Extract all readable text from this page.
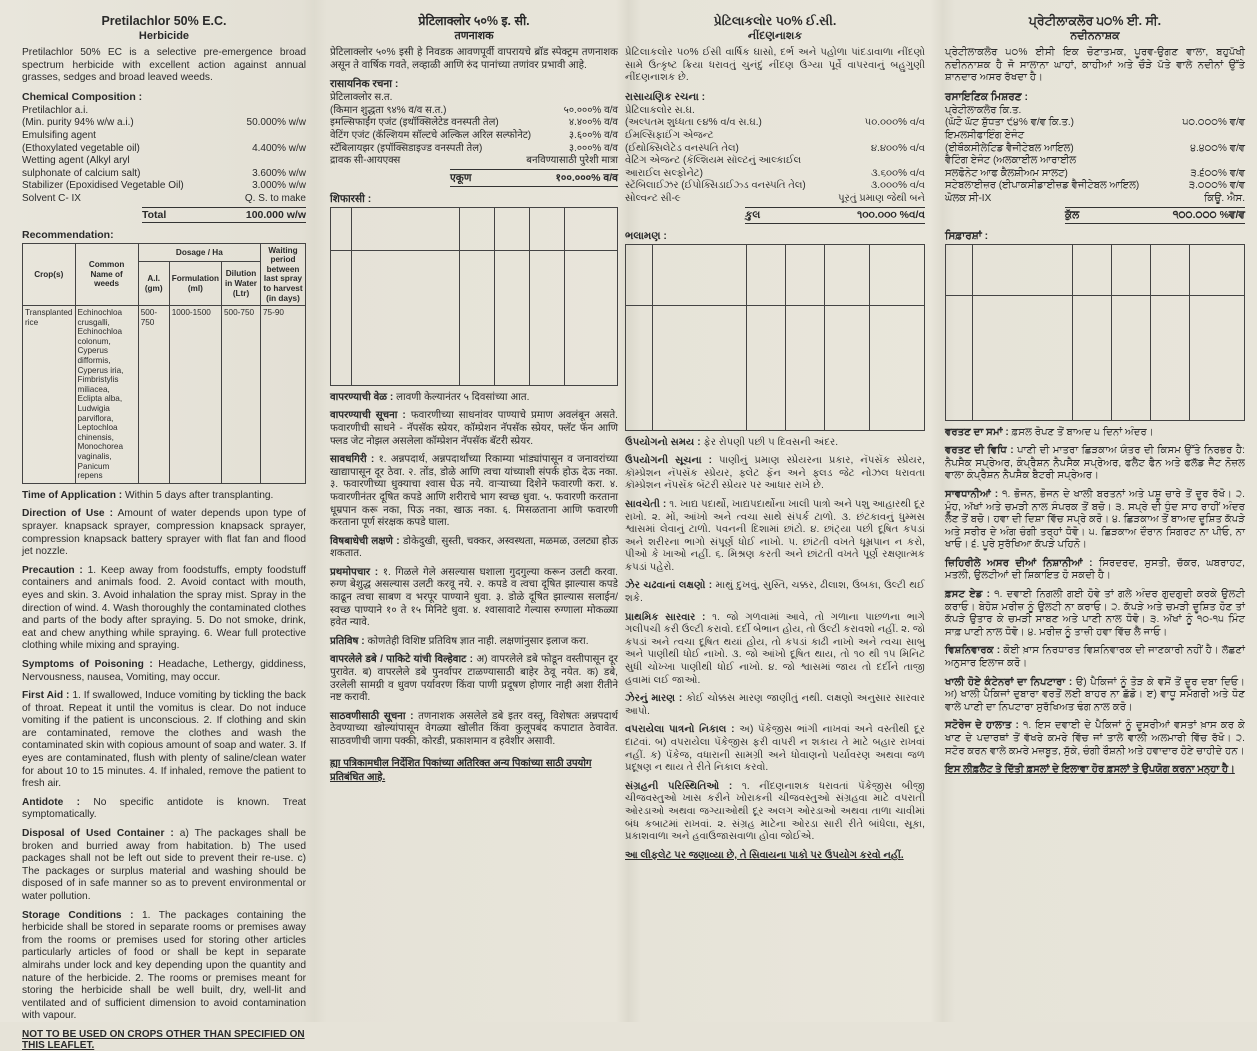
Pretilachlor 50% E.C.
Herbicide

Pretilachlor 50% EC is a selective pre-emergence broad spectrum herbicide with excellent action against annual grasses, sedges and broad leaved weeds.

Chemical Composition :
Pretilachlor a.i.
(Min. purity 94% w/w a.i.)	50.000% w/w
Emulsifing agent
(Ethoxylated vegetable oil)	4.400% w/w
Wetting agent (Alkyl aryl
sulphonate of calcium salt)	3.600% w/w
Stabilizer (Epoxidised Vegetable Oil)	3.000% w/w
Solvent C- IX	Q. S. to make
Total	100.000 w/w
Recommendation:
Crop(s)	Common Name of weeds	Dosage / Ha			Waiting period between last spray to harvest (in days)
		A.I. (gm)	Formulation (ml)	Dilution in Water (Ltr)	
Transplanted rice	Echinochloa crusgalli, Echinochloa colonum, Cyperus difformis, Cyperus iria, Fimbristylis miliacea, Eclipta alba, Ludwigia parviflora, Leptochloa chinensis, Monochorea vaginalis, Panicum repens	500-750	1000-1500	500-750	75-90

Time of Application : Within 5 days after transplanting.

Direction of Use : Amount of water depends upon type of sprayer. knapsack sprayer, compression knapsack sprayer, compression knapsack battery sprayer with flat fan and flood jet nozzle.

Precaution : 1. Keep away from foodstuffs, empty foodstuff containers and animals food. 2. Avoid contact with mouth, eyes and skin. 3. Avoid inhalation the spray mist. Spray in the direction of wind. 4. Wash thoroughly the contaminated clothes and parts of the body after spraying. 5. Do not smoke, drink, eat and chew anything while spraying. 6. Wear full protective clothing while mixing and spraying.

Symptoms of Poisoning : Headache, Lethergy, giddiness, Nervousness, nausea, Vomiting, may occur.

First Aid : 1. If swallowed, Induce vomiting by tickling the back of throat. Repeat it until the vomitus is clear. Do not induce vomiting if the patient is unconscious. 2. If clothing and skin are contaminated, remove the clothes and wash the contaminated skin with copious amount of soap and water. 3. If eyes are contaminated, flush with plenty of saline/clean water for about 10 to 15 minutes. 4. If inhaled, remove the patient to fresh air.

Antidote : No specific antidote is known. Treat symptomatically.

Disposal of Used Container : a) The packages shall be broken and burried away from habitation. b) The used packages shall not be left out side to prevent their re-use. c) The packages or surplus material and washing should be disposed of in safe manner so as to prevent environmental or water pollution.

Storage Conditions : 1. The packages containing the herbicide shall be stored in separate rooms or premises away from the rooms or premises used for storing other articles particularly articles of food or shall be kept in separate almirahs under lock and key depending upon the quantity and nature of the herbicide. 2. The rooms or premises meant for storing the herbicide shall be well built, dry, well-lit and ventilated and of sufficient dimension to avoid contamination with vapour.

NOT TO BE USED ON CROPS OTHER THAN SPECIFIED ON THIS LEAFLET.
प्रेटिलाक्लोर ५०% इ. सी.
तणनाशक

प्रेटिलाक्लोर ५०% इसी हे निवडक आवणपूर्वी वापरायचे ब्रॉड स्पेक्ट्रम तणनाशक असून ते वार्षिक गवते, लव्हाळी आणि रुंद पानांच्या तणांवर प्रभावी आहे.

रासायनिक रचना :
प्रेटिलाक्लोर स.त.
(किमान शुद्धता ९४% व/व स.त.)	५०.०००% व/व
इमल्सिफाईंग एजंट (इथॉक्सिलेटेड वनस्पती तेल)	४.४००% व/व
वेटिंग एजंट (कॅल्शियम सॉल्टचे अल्किल अरिल सल्फोनेट)	३.६००% व/व
स्टॅबिलायझर (इपॉक्सिडाइज्ड वनस्पती तेल)	३.०००% व/व
द्रावक सी-आयएक्स	बनविण्यासाठी पुरेशी मात्रा
एकूण	१००.०००% व/व
शिफारसी :

वापरण्याची वेळ : लावणी केल्यानंतर ५ दिवसांच्या आत.

वापरण्याची सूचना : फवारणीच्या साधनांवर पाण्याचे प्रमाण अवलंबून असते. फवारणीची साधने - नॅपसॅक स्प्रेयर, कॉम्प्रेशन नॅपसॅक स्प्रेयर, फ्लॅट फॅन आणि फ्लड जेट नोझल असलेला कॉम्प्रेशन नॅपसॅक बॅटरी स्प्रेयर.

सावधगिरी : १. अन्नपदार्थ, अन्नपदार्थांच्या रिकाम्या भांड्यांपासून व जनावरांच्या खाद्यापासून दूर ठेवा. २. तोंड, डोळे आणि त्वचा यांच्याशी संपर्क होऊ देऊ नका. ३. फवारणीच्या धुक्याचा श्वास घेऊ नये. वाऱ्याच्या दिशेने फवारणी करा. ४. फवारणीनंतर दूषित कपडे आणि शरीराचे भाग स्वच्छ धुवा. ५. फवारणी करताना धूम्रपान करू नका, पिऊ नका, खाऊ नका. ६. मिसळताना आणि फवारणी करताना पूर्ण संरक्षक कपडे घाला.

विषबाधेची लक्षणे : डोकेदुखी, सुस्ती, चक्कर, अस्वस्थता, मळमळ, उलट्या होऊ शकतात.

प्रथमोपचार : १. गिळले गेले असल्यास घशाला गुदगुल्या करून उलटी करवा. रुग्ण बेशुद्ध असल्यास उलटी करवू नये. २. कपडे व त्वचा दूषित झाल्यास कपडे काढून त्वचा साबण व भरपूर पाण्याने धुवा. ३. डोळे दूषित झाल्यास सलाईन/स्वच्छ पाण्याने १० ते १५ मिनिटे धुवा. ४. श्वासावाटे गेल्यास रुग्णाला मोकळ्या हवेत न्यावे.

प्रतिविष : कोणतेही विशिष्ट प्रतिविष ज्ञात नाही. लक्षणांनुसार इलाज करा.

वापरलेले डबे / पाकिटे यांची विल्हेवाट : अ) वापरलेले डबे फोडून वस्तीपासून दूर पुरावेत. ब) वापरलेले डबे पुनर्वापर टाळण्यासाठी बाहेर ठेवू नयेत. क) डबे, उरलेली सामग्री व धुवण पर्यावरण किंवा पाणी प्रदूषण होणार नाही अशा रीतीने नष्ट करावी.

साठवणीसाठी सूचना : तणनाशक असलेले डबे इतर वस्तू, विशेषतः अन्नपदार्थ ठेवण्याच्या खोल्यांपासून वेगळ्या खोलीत किंवा कुलूपबंद कपाटात ठेवावेत. साठवणीची जागा पक्की, कोरडी, प्रकाशमान व हवेशीर असावी.

ह्या पत्रिकामधील निर्देशित पिकांच्या अतिरिक्त अन्य पिकांच्या साठी उपयोग प्रतिबंधित आहे.
પ્રેટિલાકલોર ૫૦% ઈ.સી.
નીંદણનાશક

પ્રેટિલાકલોર ૫૦% ઈસી વાર્ષિક ઘાસો, દર્ભ અને પહોળા પાંદડાવાળા નીંદણો સામે ઉત્કૃષ્ટ ક્રિયા ધરાવતું ચુનંદું નીંદણ ઉગ્યા પૂર્વે વાપરવાનું બહુગુણી નીંદણનાશક છે.

રાસાયણિક રચના :
પ્રેટિલાકલોર સ.ઘ.
(અલ્પતમ શુધ્ધતા ૯૪% વ/વ સ.ઘ.)	૫૦.૦૦૦% વ/વ
ઈમલ્સિફાઈંગ એજન્ટ
(ઈથોક્સિલેટેડ વનસ્પતિ તેલ)	૪.૪૦૦% વ/વ
વેટિંગ એજન્ટ (કૅલ્શિયમ સૉલ્ટનું આલ્કાઈલ
આરાઈલ સલ્ફોનેટ)	૩.૬૦૦% વ/વ
સ્ટૅબિલાઈઝર (ઈપોક્સિડાઈઝ્ડ વનસ્પતિ તેલ)	૩.૦૦૦% વ/વ
સોલ્વન્ટ સી-૯	પૂરતું પ્રમાણ જેથી બને
કુલ	૧૦૦.૦૦૦ %વ/વ
ભલામણ :

ઉપયોગનો સમય : ફેર રોપણી પછી ૫ દિવસની અંદર.

ઉપયોગની સૂચના : પાણીનું પ્રમાણ સ્પ્રેયરના પ્રકાર, નૅપસૅક સ્પ્રેયર, કૉમ્પ્રેશન નૅપસૅક સ્પ્રેયર, ફ્લેટ ફૅન અને ફ્લડ જેટ નોઝલ ધરાવતા કૉમ્પ્રેશન નૅપસૅક બૅટરી સ્પ્રેયર પર આધાર રાખે છે.

સાવચેતી : ૧. ખાદ્ય પદાર્થો, ખાદ્યપદાર્થોના ખાલી પાત્રો અને પશુ આહારથી દૂર રાખો. ૨. મોં, આંખો અને ત્વચા સાથે સંપર્ક ટાળો. ૩. છંટકાવનું ધુમ્મસ શ્વાસમાં લેવાનું ટાળો. પવનની દિશામાં છાંટો. ૪. છાંટ્યા પછી દૂષિત કપડાં અને શરીરના ભાગો સંપૂર્ણ ધોઈ નાખો. ૫. છાંટતી વખતે ધૂમ્રપાન ન કરો, પીઓ કે ખાઓ નહીં. ૬. મિશ્રણ કરતી અને છાંટતી વખતે પૂર્ણ રક્ષણાત્મક કપડાં પહેરો.

ઝેર ચઢવાનાં લક્ષણો : માથું દુખવું, સુસ્તિ, ચક્કર, ઢીલાશ, ઉબકા, ઉલ્ટી થઈ શકે.

પ્રાથમિક સારવાર : ૧. જો ગળવામાં આવે, તો ગળાના પાછળના ભાગે ગલીપચી કરી ઉલ્ટી કરાવો. દર્દી બેભાન હોય, તો ઉલ્ટી કરાવશો નહીં. ૨. જો કપડાં અને ત્વચા દૂષિત થયાં હોય, તો કપડાં કાઢી નાખો અને ત્વચા સાબુ અને પાણીથી ધોઈ નાખો. ૩. જો આંખો દૂષિત થાય, તો ૧૦ થી ૧૫ મિનિટ સુધી ચોખ્ખા પાણીથી ધોઈ નાખો. ૪. જો શ્વાસમાં જાય તો દર્દીને તાજી હવામાં લઈ જાઓ.

ઝેરનું મારણ : કોઈ ચોક્કસ મારણ જાણીતું નથી. લક્ષણો અનુસાર સારવાર આપો.

વપરાયેલા પાત્રનો નિકાલ : અ) પૅકેજીસ ભાંગી નાખવાં અને વસ્તીથી દૂર દાટવાં. બ) વપરાયેલા પૅકેજીસ ફરી વાપરી ન શકાય તે માટે બહાર રાખવાં નહીં. ક) પૅકેજ, વધારાની સામગ્રી અને ધોવાણનો પર્યાવરણ અથવા જળ પ્રદૂષણ ન થાય તે રીતે નિકાલ કરવો.

સંગ્રહની પરિસ્થિતિઓ : ૧. નીંદણનાશક ધરાવતાં પૅકેજીસ બીજી ચીજવસ્તુઓ ખાસ કરીને ખોરાકની ચીજવસ્તુઓ સંગ્રહવા માટે વપરાતી ઓરડાઓ અથવા જગ્યાઓથી દૂર અલગ ઓરડાઓ અથવા તાળા ચાવીમાં બંધ કબાટમાં રાખવાં. ૨. સંગ્રહ માટેના ઓરડા સારી રીતે બાંધેલા, સૂકા, પ્રકાશવાળા અને હવાઉજાસવાળા હોવા જોઈએ.

આ લીફલેટ પર જણાવ્યા છે, તે સિવાયના પાકો પર ઉપયોગ કરવો નહીં.
ਪ੍ਰੇਟੀਲਾਕਲੋਰ ੫੦% ਈ. ਸੀ.
ਨਦੀਨਨਾਸ਼ਕ

ਪ੍ਰੇਟੀਲਾਕਲੋਰ ੫੦% ਈਸੀ ਇਕ ਚੋਣਾਤਮਕ, ਪੂਰਵ-ਉਗਣ ਵਾਲਾ, ਬਹੁਪੱਖੀ ਨਦੀਨਨਾਸ਼ਕ ਹੈ ਜੋ ਸਾਲਾਨਾ ਘਾਹਾਂ, ਕਾਹੀਆਂ ਅਤੇ ਚੌੜੇ ਪੱਤੇ ਵਾਲੇ ਨਦੀਨਾਂ ਉੱਤੇ ਸ਼ਾਨਦਾਰ ਅਸਰ ਰੱਖਦਾ ਹੈ।

ਰਸਾਇਣਿਕ ਮਿਸ਼ਰਣ :
ਪ੍ਰੇਟੀਲਾਕਲੋਰ ਕਿ.ਤ.
(ਘੱਟੋ ਘੱਟ ਸ਼ੁੱਧਤਾ ੯੪% ਵ/ਵ ਕਿ.ਤ.)	੫੦.੦੦੦% ਵ/ਵ
ਇਮਲਸੀਫਾਇੰਗ ਏਜੰਟ
(ਈਥੌਕਸੀਲੇਟਿਡ ਵੈਜੀਟੇਬਲ ਆਇਲ)	੪.੪੦੦% ਵ/ਵ
ਵੈਟਿੰਗ ਏਜੰਟ (ਅਲਕਾਈਲ ਆਰਾਈਲ
ਸਲਫੋਨੇਟ ਆਫ ਕੈਲਸ਼ੀਅਮ ਸਾਲਟ)	੩.੬੦੦% ਵ/ਵ
ਸਟੇਬਲਾਈਜ਼ਰ (ਈਪਾਕਸੀਡਾਈਜ਼ਡ ਵੈਜੀਟੇਬਲ ਆਇਲ)	੩.੦੦੦% ਵ/ਵ
ਘੋਲਕ ਸੀ-IX	ਕਿਊ. ਐਸ.
ਕੁੱਲ	੧੦੦.੦੦੦ %ਵ/ਵ
ਸਿਫ਼ਾਰਸ਼ਾਂ :

ਵਰਤਣ ਦਾ ਸਮਾਂ : ਫ਼ਸਲ ਰੋਪਣ ਤੋਂ ਬਾਅਦ ੫ ਦਿਨਾਂ ਅੰਦਰ।

ਵਰਤਣ ਦੀ ਵਿਧਿ : ਪਾਣੀ ਦੀ ਮਾਤਰਾ ਛਿੜਕਾਅ ਯੰਤਰ ਦੀ ਕਿਸਮ ਉੱਤੇ ਨਿਰਭਰ ਹੈ: ਨੈਪਸੈਕ ਸਪ੍ਰੇਅਰ, ਕੰਪ੍ਰੈਸ਼ਨ ਨੈਪਸੈਕ ਸਪ੍ਰੇਅਰ, ਫਲੈਟ ਫੈਨ ਅਤੇ ਫਲੱਡ ਜੈੱਟ ਨੋਜ਼ਲ ਵਾਲਾ ਕੰਪ੍ਰੈਸ਼ਨ ਨੈਪਸੈਕ ਬੈਟਰੀ ਸਪ੍ਰੇਅਰ।

ਸਾਵਧਾਨੀਆਂ : ੧. ਭੋਜਨ, ਭੋਜਨ ਦੇ ਖਾਲੀ ਬਰਤਨਾਂ ਅਤੇ ਪਸ਼ੂ ਚਾਰੇ ਤੋਂ ਦੂਰ ਰੱਖੋ। ੨. ਮੂੰਹ, ਅੱਖਾਂ ਅਤੇ ਚਮੜੀ ਨਾਲ ਸੰਪਰਕ ਤੋਂ ਬਚੋ। ੩. ਸਪ੍ਰੇ ਦੀ ਧੁੰਦ ਸਾਹ ਰਾਹੀਂ ਅੰਦਰ ਲੈਣ ਤੋਂ ਬਚੋ। ਹਵਾ ਦੀ ਦਿਸ਼ਾ ਵਿੱਚ ਸਪ੍ਰੇ ਕਰੋ। ੪. ਛਿੜਕਾਅ ਤੋਂ ਬਾਅਦ ਦੂਸ਼ਿਤ ਕੱਪੜੇ ਅਤੇ ਸਰੀਰ ਦੇ ਅੰਗ ਚੰਗੀ ਤਰ੍ਹਾਂ ਧੋਵੋ। ੫. ਛਿੜਕਾਅ ਦੌਰਾਨ ਸਿਗਰਟ ਨਾ ਪੀਓ, ਨਾ ਖਾਓ। ੬. ਪੂਰੇ ਸੁਰੱਖਿਆ ਕੱਪੜੇ ਪਹਿਨੋ।

ਜ਼ਿਹਿਰੀਲੇ ਅਸਰ ਦੀਆਂ ਨਿਸ਼ਾਨੀਆਂ : ਸਿਰਦਰਦ, ਸੁਸਤੀ, ਚੱਕਰ, ਘਬਰਾਹਟ, ਮਤਲੀ, ਉਲਟੀਆਂ ਦੀ ਸ਼ਿਕਾਇਤ ਹੋ ਸਕਦੀ ਹੈ।

ਫ਼ਸਟ ਏਡ : ੧. ਦਵਾਈ ਨਿਗਲੀ ਗਈ ਹੋਵੇ ਤਾਂ ਗਲੇ ਅੰਦਰ ਗੁਦਗੁਦੀ ਕਰਕੇ ਉਲਟੀ ਕਰਾਓ। ਬੇਹੋਸ਼ ਮਰੀਜ਼ ਨੂੰ ਉਲਟੀ ਨਾ ਕਰਾਓ। ੨. ਕੱਪੜੇ ਅਤੇ ਚਮੜੀ ਦੂਸ਼ਿਤ ਹੋਣ ਤਾਂ ਕੱਪੜੇ ਉਤਾਰ ਕੇ ਚਮੜੀ ਸਾਬਣ ਅਤੇ ਪਾਣੀ ਨਾਲ ਧੋਵੋ। ੩. ਅੱਖਾਂ ਨੂੰ ੧੦-੧੫ ਮਿੰਟ ਸਾਫ਼ ਪਾਣੀ ਨਾਲ ਧੋਵੋ। ੪. ਮਰੀਜ਼ ਨੂੰ ਤਾਜ਼ੀ ਹਵਾ ਵਿੱਚ ਲੈ ਜਾਓ।

ਵਿਸ਼ਨਿਵਾਰਕ : ਕੋਈ ਖ਼ਾਸ ਨਿਰਧਾਰਤ ਵਿਸ਼ਨਿਵਾਰਕ ਦੀ ਜਾਣਕਾਰੀ ਨਹੀਂ ਹੈ। ਲੱਛਣਾਂ ਅਨੁਸਾਰ ਇਲਾਜ ਕਰੋ।

ਖਾਲੀ ਹੋਏ ਕੰਟੇਨਰਾਂ ਦਾ ਨਿਪਟਾਰਾ : ੳ) ਪੈਕਿਜਾਂ ਨੂੰ ਤੋੜ ਕੇ ਵਸੋਂ ਤੋਂ ਦੂਰ ਦਬਾ ਦਿਓ। ਅ) ਖਾਲੀ ਪੈਕਿਜਾਂ ਦੁਬਾਰਾ ਵਰਤੋਂ ਲਈ ਬਾਹਰ ਨਾ ਛੱਡੋ। ੲ) ਵਾਧੂ ਸਮੱਗਰੀ ਅਤੇ ਧੋਣ ਵਾਲੇ ਪਾਣੀ ਦਾ ਨਿਪਟਾਰਾ ਸੁਰੱਖਿਅਤ ਢੰਗ ਨਾਲ ਕਰੋ।

ਸਟੋਰੇਜ ਦੇ ਹਾਲਾਤ : ੧. ਇਸ ਦਵਾਈ ਦੇ ਪੈਕਿਜਾਂ ਨੂੰ ਦੂਸਰੀਆਂ ਵਸਤਾਂ ਖ਼ਾਸ ਕਰ ਕੇ ਖਾਣ ਦੇ ਪਦਾਰਥਾਂ ਤੋਂ ਵੱਖਰੇ ਕਮਰੇ ਵਿੱਚ ਜਾਂ ਤਾਲੇ ਵਾਲੀ ਅਲਮਾਰੀ ਵਿੱਚ ਰੱਖੋ। ੨. ਸਟੋਰ ਕਰਨ ਵਾਲੇ ਕਮਰੇ ਮਜ਼ਬੂਤ, ਸੁੱਕੇ, ਚੰਗੀ ਰੌਸ਼ਨੀ ਅਤੇ ਹਵਾਦਾਰ ਹੋਣੇ ਚਾਹੀਦੇ ਹਨ।

ਇਸ ਲੀਫ਼ਲੈਟ ਤੇ ਦਿੱਤੀ ਫ਼ਸਲਾਂ ਦੇ ਇਲਾਵਾ ਹੋਰ ਫ਼ਸਲਾਂ ਤੇ ਉਪਯੋਗ ਕਰਨਾ ਮਨ੍ਹਾ ਹੈ।
